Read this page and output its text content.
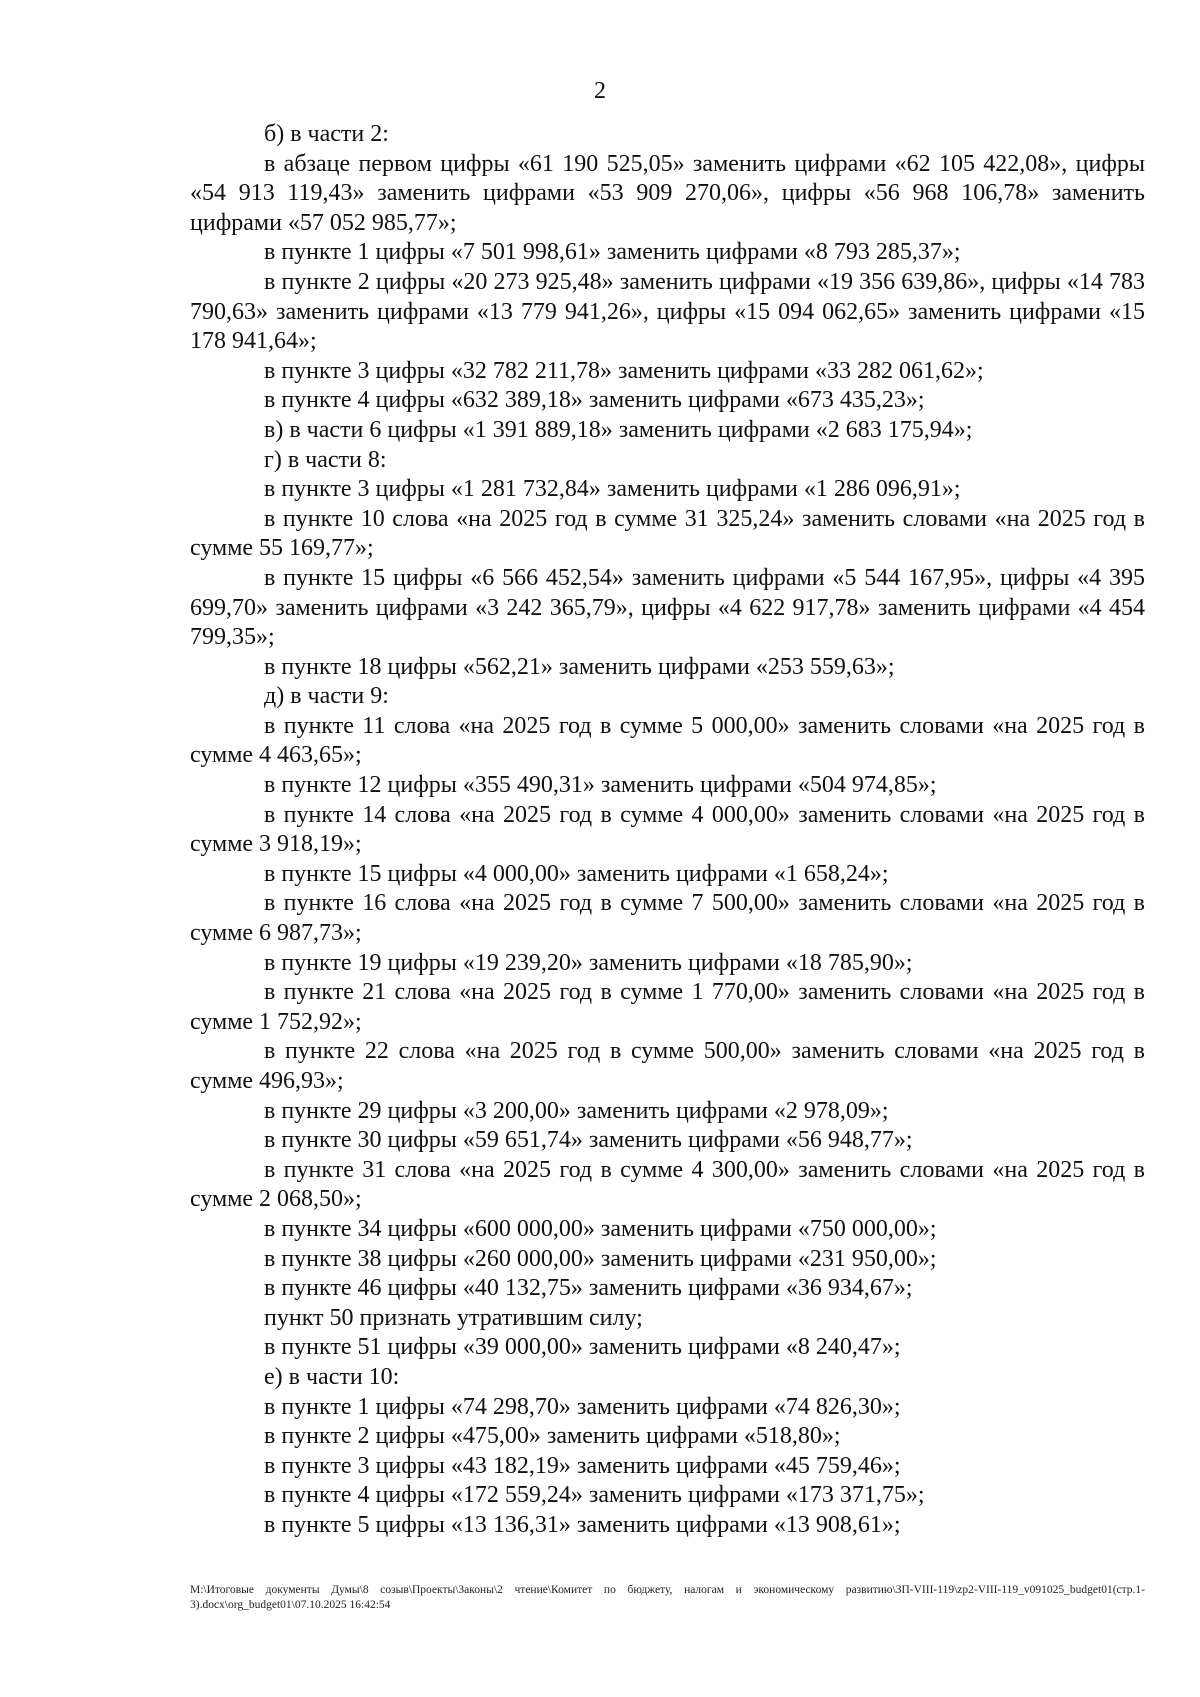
2

б) в части 2:

в абзаце первом цифры «61 190 525,05» заменить цифрами «62 105 422,08», цифры «54 913 119,43» заменить цифрами «53 909 270,06», цифры «56 968 106,78» заменить цифрами «57 052 985,77»;

в пункте 1 цифры «7 501 998,61» заменить цифрами «8 793 285,37»;

в пункте 2 цифры «20 273 925,48» заменить цифрами «19 356 639,86», цифры «14 783 790,63» заменить цифрами «13 779 941,26», цифры «15 094 062,65» заменить цифрами «15 178 941,64»;

в пункте 3 цифры «32 782 211,78» заменить цифрами «33 282 061,62»;

в пункте 4 цифры «632 389,18» заменить цифрами «673 435,23»;

в) в части 6 цифры «1 391 889,18» заменить цифрами «2 683 175,94»;

г) в части 8:

в пункте 3 цифры «1 281 732,84» заменить цифрами «1 286 096,91»;

в пункте 10 слова «на 2025 год в сумме 31 325,24» заменить словами «на 2025 год в сумме 55 169,77»;

в пункте 15 цифры «6 566 452,54» заменить цифрами «5 544 167,95», цифры «4 395 699,70» заменить цифрами «3 242 365,79», цифры «4 622 917,78» заменить цифрами «4 454 799,35»;

в пункте 18 цифры «562,21» заменить цифрами «253 559,63»;

д) в части 9:

в пункте 11 слова «на 2025 год в сумме 5 000,00» заменить словами «на 2025 год в сумме 4 463,65»;

в пункте 12 цифры «355 490,31» заменить цифрами «504 974,85»;

в пункте 14 слова «на 2025 год в сумме 4 000,00» заменить словами «на 2025 год в сумме 3 918,19»;

в пункте 15 цифры «4 000,00» заменить цифрами «1 658,24»;

в пункте 16 слова «на 2025 год в сумме 7 500,00» заменить словами «на 2025 год в сумме 6 987,73»;

в пункте 19 цифры «19 239,20» заменить цифрами «18 785,90»;

в пункте 21 слова «на 2025 год в сумме 1 770,00» заменить словами «на 2025 год в сумме 1 752,92»;

в пункте 22 слова «на 2025 год в сумме 500,00» заменить словами «на 2025 год в сумме 496,93»;

в пункте 29 цифры «3 200,00» заменить цифрами «2 978,09»;

в пункте 30 цифры «59 651,74» заменить цифрами «56 948,77»;

в пункте 31 слова «на 2025 год в сумме 4 300,00» заменить словами «на 2025 год в сумме 2 068,50»;

в пункте 34 цифры «600 000,00» заменить цифрами «750 000,00»;

в пункте 38 цифры «260 000,00» заменить цифрами «231 950,00»;

в пункте 46 цифры «40 132,75» заменить цифрами «36 934,67»;

пункт 50 признать утратившим силу;

в пункте 51 цифры «39 000,00» заменить цифрами «8 240,47»;

е) в части 10:

в пункте 1 цифры «74 298,70» заменить цифрами «74 826,30»;

в пункте 2 цифры «475,00» заменить цифрами «518,80»;

в пункте 3 цифры «43 182,19» заменить цифрами «45 759,46»;

в пункте 4 цифры «172 559,24» заменить цифрами «173 371,75»;

в пункте 5 цифры «13 136,31» заменить цифрами «13 908,61»;

М:\Итоговые документы Думы\8 созыв\Проекты\Законы\2 чтение\Комитет по бюджету, налогам и экономическому развитию\ЗП-VIII-119\zp2-VIII-119_v091025_budget01(стр.1-3).docx\org_budget01\07.10.2025 16:42:54
